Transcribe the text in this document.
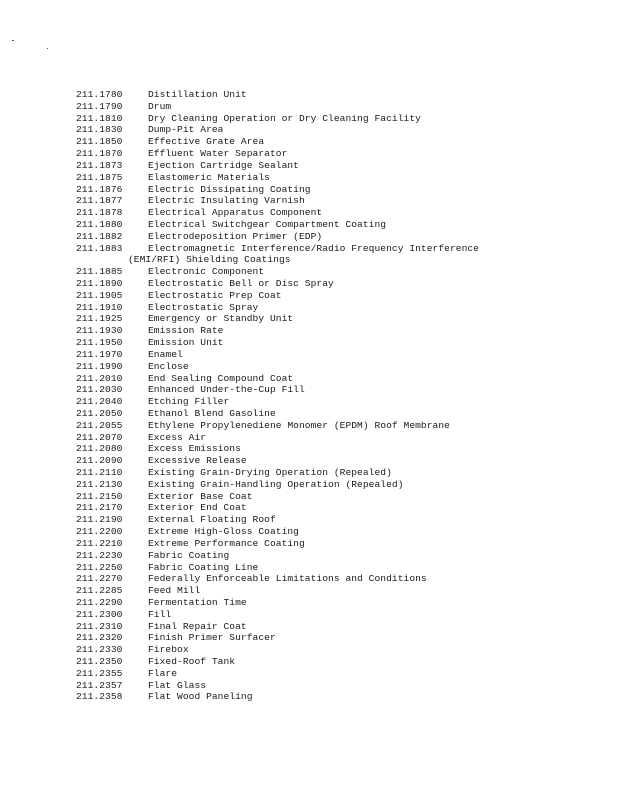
211.1780	Distillation Unit
211.1790	Drum
211.1810	Dry Cleaning Operation or Dry Cleaning Facility
211.1830	Dump-Pit Area
211.1850	Effective Grate Area
211.1870	Effluent Water Separator
211.1873	Ejection Cartridge Sealant
211.1875	Elastomeric Materials
211.1876	Electric Dissipating Coating
211.1877	Electric Insulating Varnish
211.1878	Electrical Apparatus Component
211.1880	Electrical Switchgear Compartment Coating
211.1882	Electrodeposition Primer (EDP)
211.1883	Electromagnetic Interference/Radio Frequency Interference
(EMI/RFI) Shielding Coatings
211.1885	Electronic Component
211.1890	Electrostatic Bell or Disc Spray
211.1905	Electrostatic Prep Coat
211.1910	Electrostatic Spray
211.1925	Emergency or Standby Unit
211.1930	Emission Rate
211.1950	Emission Unit
211.1970	Enamel
211.1990	Enclose
211.2010	End Sealing Compound Coat
211.2030	Enhanced Under-the-Cup Fill
211.2040	Etching Filler
211.2050	Ethanol Blend Gasoline
211.2055	Ethylene Propylenediene Monomer (EPDM) Roof Membrane
211.2070	Excess Air
211.2080	Excess Emissions
211.2090	Excessive Release
211.2110	Existing Grain-Drying Operation (Repealed)
211.2130	Existing Grain-Handling Operation (Repealed)
211.2150	Exterior Base Coat
211.2170	Exterior End Coat
211.2190	External Floating Roof
211.2200	Extreme High-Gloss Coating
211.2210	Extreme Performance Coating
211.2230	Fabric Coating
211.2250	Fabric Coating Line
211.2270	Federally Enforceable Limitations and Conditions
211.2285	Feed Mill
211.2290	Fermentation Time
211.2300	Fill
211.2310	Final Repair Coat
211.2320	Finish Primer Surfacer
211.2330	Firebox
211.2350	Fixed-Roof Tank
211.2355	Flare
211.2357	Flat Glass
211.2358	Flat Wood Paneling
